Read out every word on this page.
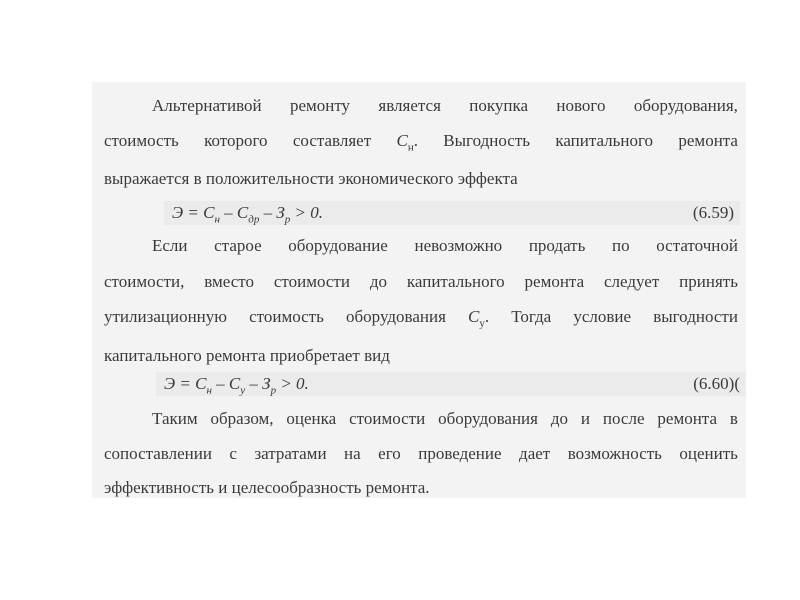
Альтернативой ремонту является покупка нового оборудования,
стоимость которого составляет $С_н$. Выгодность капитального ремонта
выражается в положительности экономического эффекта
$Э = С_н - С_{др} - З_р > 0$.	(6.59)
Если старое оборудование невозможно продать по остаточной
стоимости, вместо стоимости до капитального ремонта следует принять
утилизационную стоимость оборудования $С_у$. Тогда условие выгодности
капитального ремонта приобретает вид
$Э = С_н - С_у - З_р > 0$.	(6.60)(
Таким образом, оценка стоимости оборудования до и после ремонта в
сопоставлении с затратами на его проведение дает возможность оценить
эффективность и целесообразность ремонта.
